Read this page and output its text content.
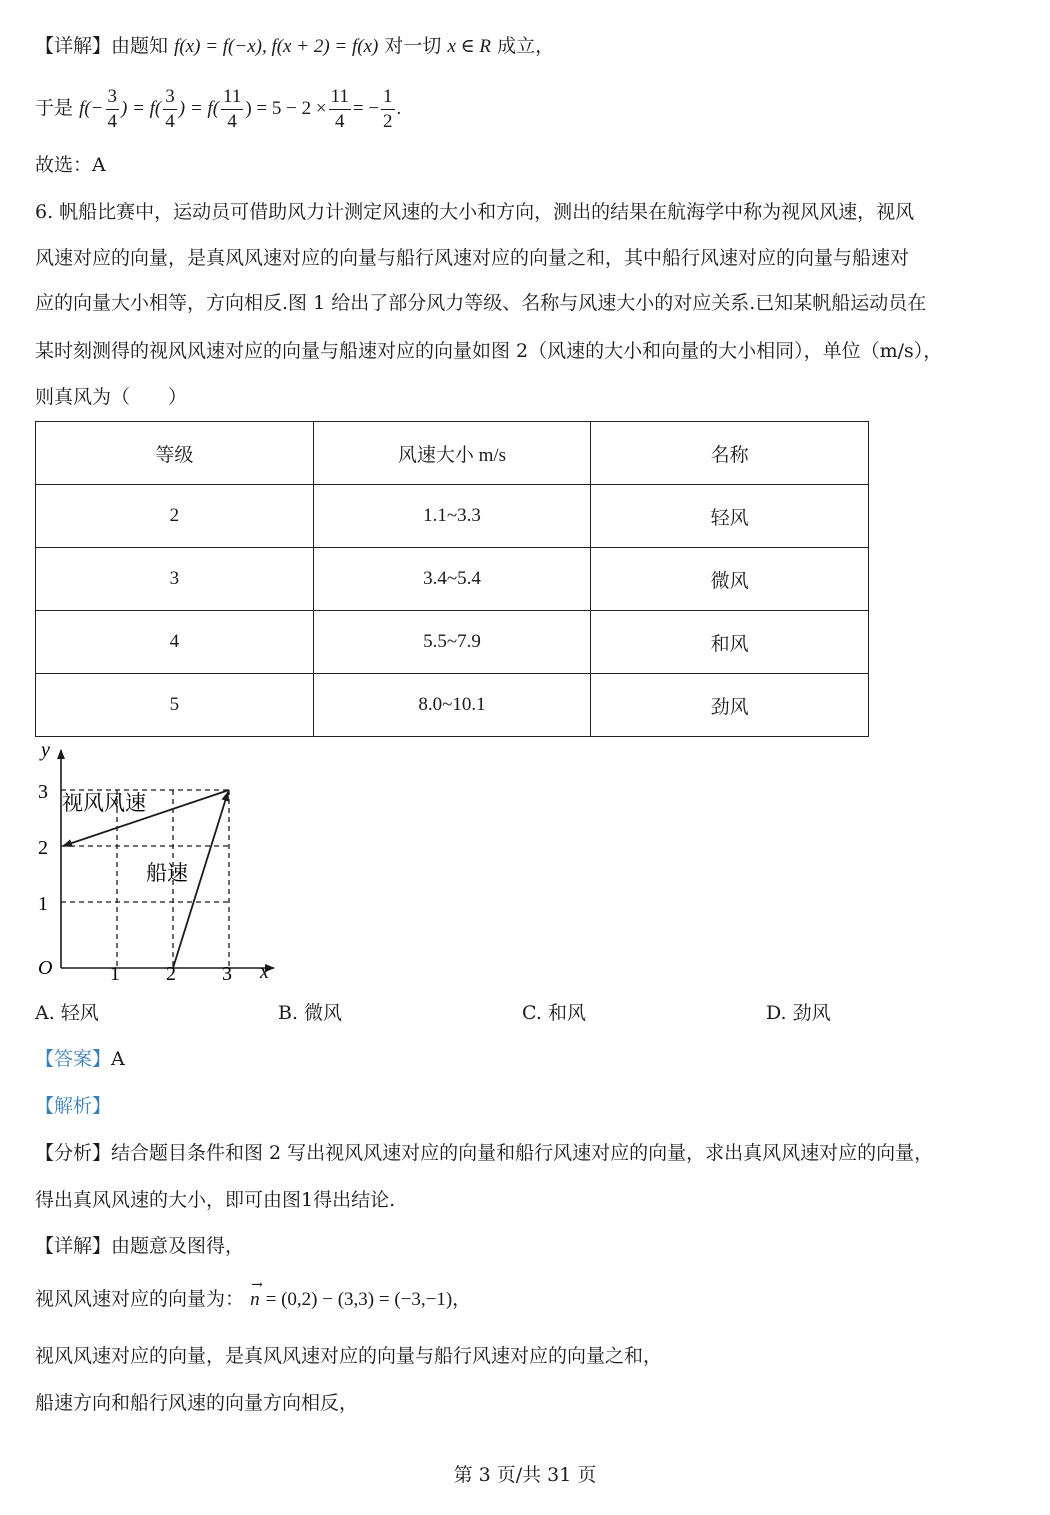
【详解】由题知 f(x) = f(−x), f(x + 2) = f(x) 对一切 x ∈ R 成立，
于是 $f(- \frac{3}{4}$ ) = $f( \frac{3}{4}$ ) = $f( \frac{11}{4}$ ) = $5 - 2 \times \frac{11}{4}$ = − $\frac{1}{2}$ .
故选：A
6. 帆船比赛中，运动员可借助风力计测定风速的大小和方向，测出的结果在航海学中称为视风风速，视风
风速对应的向量，是真风风速对应的向量与船行风速对应的向量之和，其中船行风速对应的向量与船速对
应的向量大小相等，方向相反.图 1 给出了部分风力等级、名称与风速大小的对应关系.已知某帆船运动员在
某时刻测得的视风风速对应的向量与船速对应的向量如图 2（风速的大小和向量的大小相同），单位（m/s），
则真风为（　　）
等级	风速大小 m/s	名称
2	1.1~3.3	轻风
3	3.4~5.4	微风
4	5.5~7.9	和风
5	8.0~10.1	劲风
y
x
O
3
2
1
1 2 3
视风风速
船速
A. 轻风	B. 微风	C. 和风	D. 劲风
【答案】A
【解析】
【分析】结合题目条件和图 2 写出视风风速对应的向量和船行风速对应的向量，求出真风风速对应的向量，
得出真风风速的大小，即可由图1得出结论.
【详解】由题意及图得，
视风风速对应的向量为：
→
n = (0,2) − (3,3) = (−3,−1)，
视风风速对应的向量，是真风风速对应的向量与船行风速对应的向量之和，
船速方向和船行风速的向量方向相反，
第 3 页/共 31 页
